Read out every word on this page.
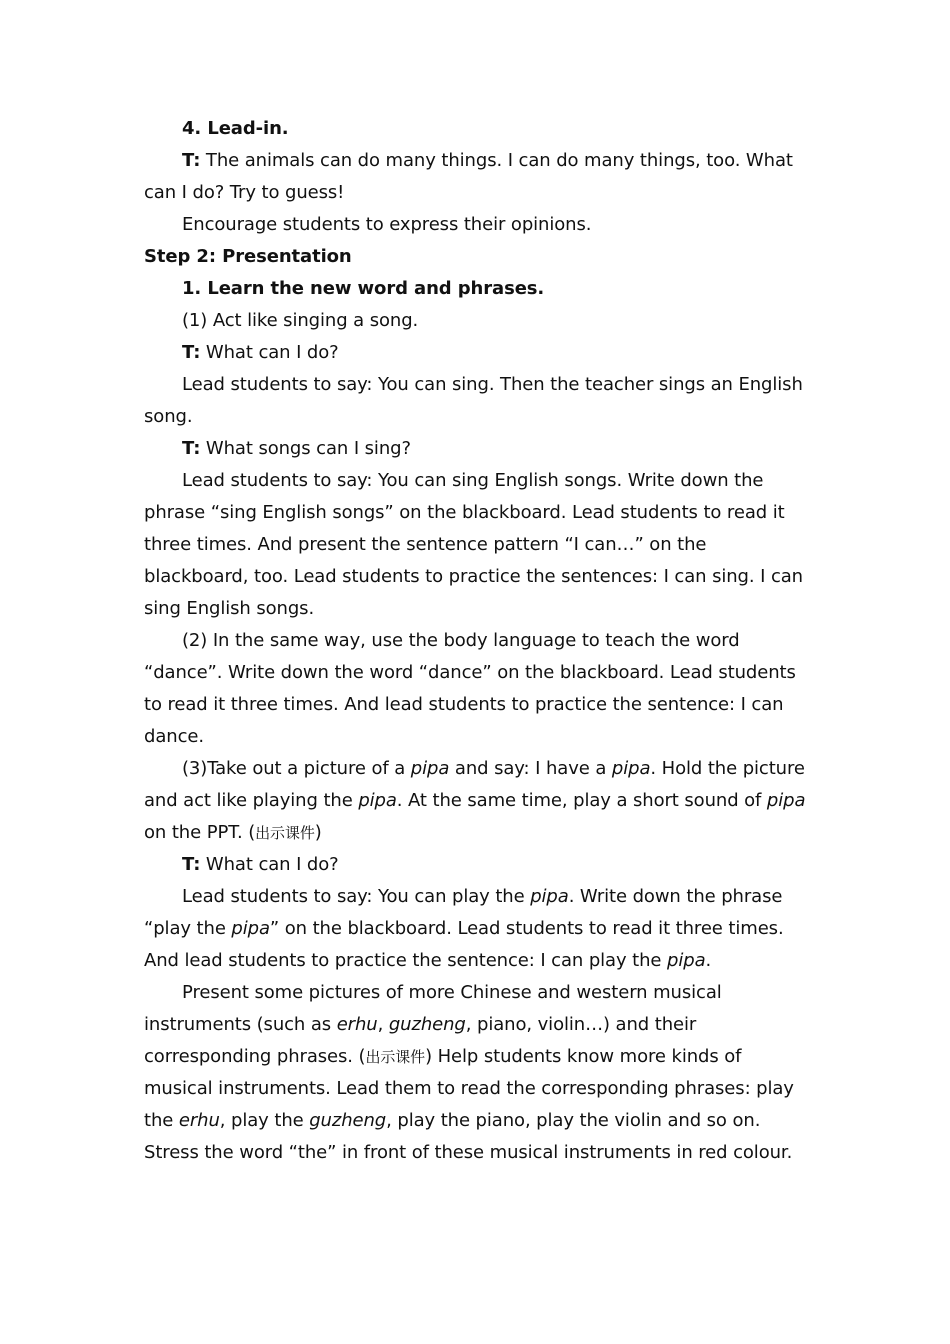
4. Lead-in.

T: The animals can do many things. I can do many things, too. What can I do? Try to guess!

Encourage students to express their opinions.

Step 2: Presentation

1. Learn the new word and phrases.

(1) Act like singing a song.

T: What can I do?

Lead students to say: You can sing. Then the teacher sings an English song.

T: What songs can I sing?

Lead students to say: You can sing English songs. Write down the phrase “sing English songs” on the blackboard. Lead students to read it three times. And present the sentence pattern “I can…” on the blackboard, too. Lead students to practice the sentences: I can sing. I can sing English songs.

(2) In the same way, use the body language to teach the word “dance”. Write down the word “dance” on the blackboard. Lead students to read it three times. And lead students to practice the sentence: I can dance.

(3)Take out a picture of a pipa and say: I have a pipa. Hold the picture and act like playing the pipa. At the same time, play a short sound of pipa on the PPT. (出示课件)

T: What can I do?

Lead students to say: You can play the pipa. Write down the phrase “play the pipa” on the blackboard. Lead students to read it three times. And lead students to practice the sentence: I can play the pipa.

Present some pictures of more Chinese and western musical instruments (such as erhu, guzheng, piano, violin…) and their corresponding phrases. (出示课件) Help students know more kinds of musical instruments. Lead them to read the corresponding phrases: play the erhu, play the guzheng, play the piano, play the violin and so on. Stress the word “the” in front of these musical instruments in red colour.
